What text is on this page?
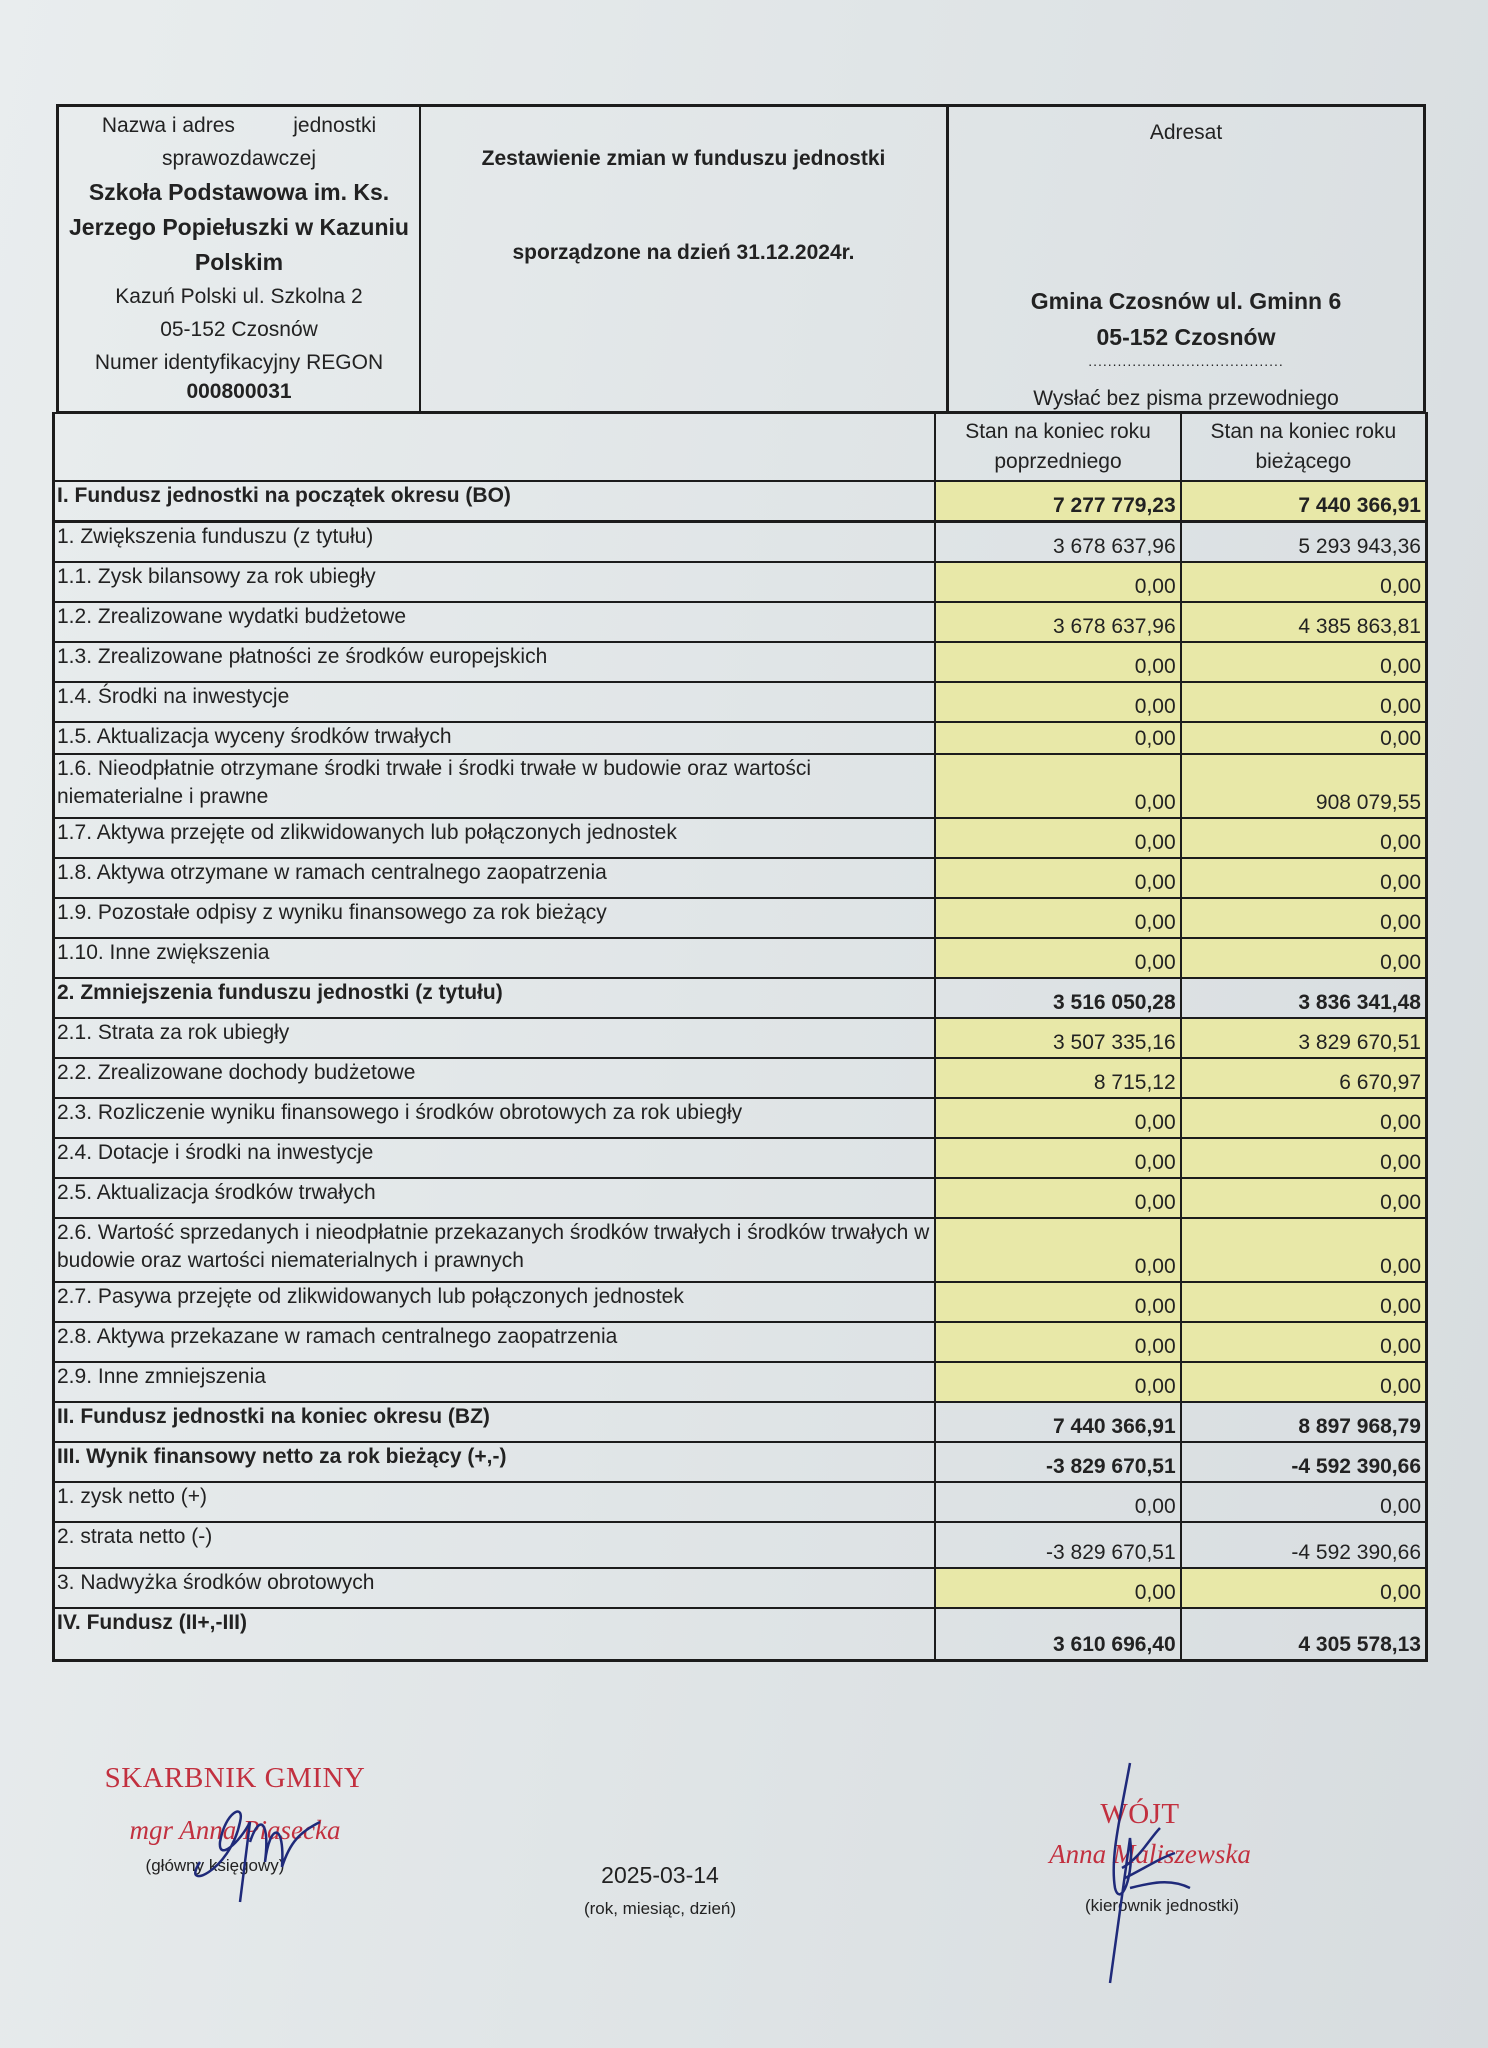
Nazwa i adres          jednostki
sprawozdawczej
Szkoła Podstawowa im. Ks.
Jerzego Popiełuszki w Kazuniu
Polskim
Kazuń Polski ul. Szkolna 2
05-152 Czosnów
Numer identyfikacyjny REGON
000800031
Zestawienie zmian w funduszu jednostki
sporządzone na dzień 31.12.2024r.
Adresat
Gmina Czosnów ul. Gminn 6
05-152 Czosnów
........................................
Wysłać bez pisma przewodniego
	Stan na koniec roku poprzedniego	Stan na koniec roku bieżącego
I. Fundusz jednostki na początek okresu (BO)	7 277 779,23	7 440 366,91
1. Zwiększenia funduszu (z tytułu)	3 678 637,96	5 293 943,36
1.1. Zysk bilansowy za rok ubiegły	0,00	0,00
1.2. Zrealizowane wydatki budżetowe	3 678 637,96	4 385 863,81
1.3. Zrealizowane płatności ze środków europejskich	0,00	0,00
1.4. Środki na inwestycje	0,00	0,00
1.5. Aktualizacja wyceny środków trwałych	0,00	0,00
1.6. Nieodpłatnie otrzymane środki trwałe i środki trwałe w budowie oraz wartości niematerialne i prawne	0,00	908 079,55
1.7. Aktywa przejęte od zlikwidowanych lub połączonych jednostek	0,00	0,00
1.8. Aktywa otrzymane w ramach centralnego zaopatrzenia	0,00	0,00
1.9. Pozostałe odpisy z wyniku finansowego za rok bieżący	0,00	0,00
1.10. Inne zwiększenia	0,00	0,00
2. Zmniejszenia funduszu jednostki (z tytułu)	3 516 050,28	3 836 341,48
2.1. Strata za rok ubiegły	3 507 335,16	3 829 670,51
2.2. Zrealizowane dochody budżetowe	8 715,12	6 670,97
2.3. Rozliczenie wyniku finansowego i środków obrotowych za rok ubiegły	0,00	0,00
2.4. Dotacje i środki na inwestycje	0,00	0,00
2.5. Aktualizacja środków trwałych	0,00	0,00
2.6. Wartość sprzedanych i nieodpłatnie przekazanych środków trwałych i środków trwałych w budowie oraz wartości niematerialnych i prawnych	0,00	0,00
2.7. Pasywa przejęte od zlikwidowanych lub połączonych jednostek	0,00	0,00
2.8. Aktywa przekazane w ramach centralnego zaopatrzenia	0,00	0,00
2.9. Inne zmniejszenia	0,00	0,00
II. Fundusz jednostki na koniec okresu (BZ)	7 440 366,91	8 897 968,79
III. Wynik finansowy netto za rok bieżący (+,-)	-3 829 670,51	-4 592 390,66
1. zysk netto (+)	0,00	0,00
2. strata netto (-)	-3 829 670,51	-4 592 390,66
3. Nadwyżka środków obrotowych	0,00	0,00
IV. Fundusz (II+,-III)	3 610 696,40	4 305 578,13
SKARBNIK GMINY
mgr Anna Piasecka
(główny księgowy)	2025-03-14
(rok, miesiąc, dzień)
WÓJT
Anna Maliszewska
(kierownik jednostki)
